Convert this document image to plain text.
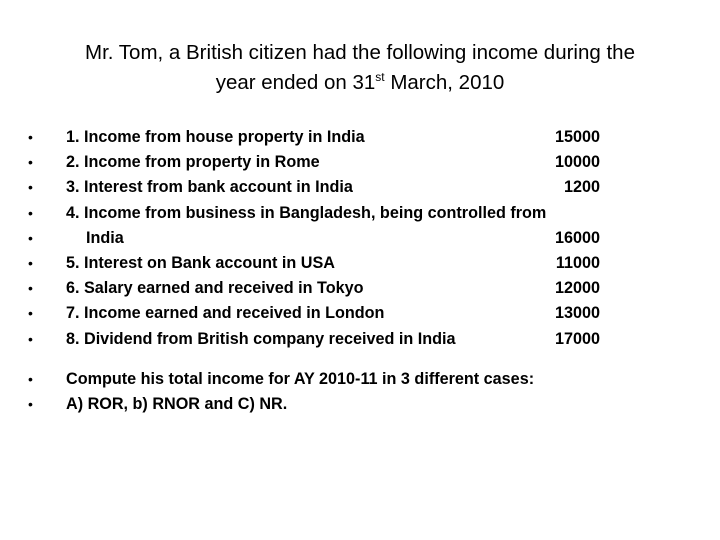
Mr. Tom, a British citizen had the following income during the
year ended on 31st March, 2010
• 1. Income from house property in India	15000
• 2. Income from property in Rome	10000
• 3. Interest from bank account in India	1200
• 4. Income from business in Bangladesh, being controlled from
•	India	16000
• 5. Interest on Bank account in USA	11000
• 6. Salary earned and received in Tokyo	12000
• 7. Income earned and received in London	13000
• 8. Dividend from British company received in India	17000
• Compute his total income for AY 2010-11 in 3 different cases:
• A) ROR, b) RNOR and C) NR.
